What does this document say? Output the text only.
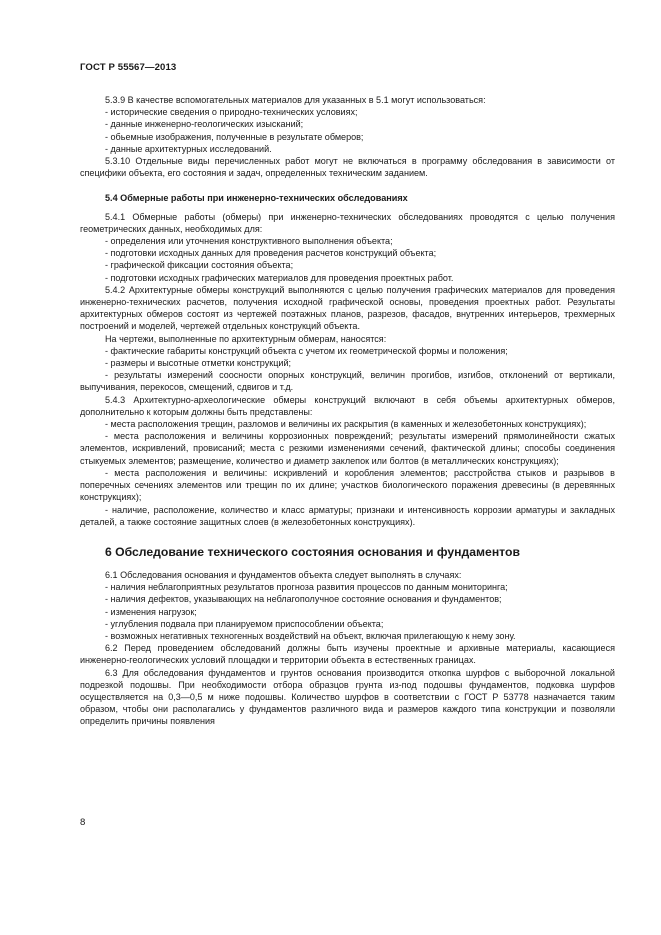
ГОСТ Р 55567—2013

5.3.9 В качестве вспомогательных материалов для указанных в 5.1 могут использоваться:

- исторические сведения о природно-технических условиях;

- данные инженерно-геологических изысканий;

- обьемные изображения, полученные в результате обмеров;

- данные архитектурных исследований.

5.3.10 Отдельные виды перечисленных работ могут не включаться в программу обследования в зависимости от специфики объекта, его состояния и задач, определенных техническим заданием.

5.4 Обмерные работы при инженерно-технических обследованиях

5.4.1 Обмерные работы (обмеры) при инженерно-технических обследованиях проводятся с целью получения геометрических данных, необходимых для:

- определения или уточнения конструктивного выполнения объекта;

- подготовки исходных данных для проведения расчетов конструкций объекта;

- графической фиксации состояния объекта;

- подготовки исходных графических материалов для проведения проектных работ.

5.4.2 Архитектурные обмеры конструкций выполняются с целью получения графических материалов для проведения инженерно-технических расчетов, получения исходной графической основы, проведения проектных работ. Результаты архитектурных обмеров состоят из чертежей поэтажных планов, разрезов, фасадов, внутренних интерьеров, трехмерных построений и моделей, чертежей отдельных конструкций объекта.

На чертежи, выполненные по архитектурным обмерам, наносятся:

- фактические габариты конструкций объекта с учетом их геометрической формы и положения;

- размеры и высотные отметки конструкций;

- результаты измерений соосности опорных конструкций, величин прогибов, изгибов, отклонений от вертикали, выпучивания, перекосов, смещений, сдвигов и т.д.

5.4.3 Архитектурно-археологические обмеры конструкций включают в себя объемы архитектурных обмеров, дополнительно к которым должны быть представлены:

- места расположения трещин, разломов и величины их раскрытия (в каменных и железобетонных конструкциях);

- места расположения и величины коррозионных повреждений; результаты измерений прямолинейности сжатых элементов, искривлений, провисаний; места с резкими изменениями сечений, фактической длины; способы соединения стыкуемых элементов; размещение, количество и диаметр заклепок или болтов (в металлических конструкциях);

- места расположения и величины: искривлений и коробления элементов; расстройства стыков и разрывов в поперечных сечениях элементов или трещин по их длине; участков биологического поражения древесины (в деревянных конструкциях);

- наличие, расположение, количество и класс арматуры; признаки и интенсивность коррозии арматуры и закладных деталей, а также состояние защитных слоев (в железобетонных конструкциях).

6 Обследование технического состояния основания и фундаментов

6.1 Обследования основания и фундаментов объекта следует выполнять в случаях:

- наличия неблагоприятных результатов прогноза развития процессов по данным мониторинга;

- наличия дефектов, указывающих на неблагополучное состояние основания и фундаментов;

- изменения нагрузок;

- углубления подвала при планируемом приспособлении объекта;

- возможных негативных техногенных воздействий на объект, включая прилегающую к нему зону.

6.2 Перед проведением обследований должны быть изучены проектные и архивные материалы, касающиеся инженерно-геологических условий площадки и территории объекта в естественных границах.

6.3 Для обследования фундаментов и грунтов основания производится откопка шурфов с выборочной локальной подрезкой подошвы. При необходимости отбора образцов грунта из-под подошвы фундаментов, подковка шурфов осуществляется на 0,3—0,5 м ниже подошвы. Количество шурфов в соответствии с ГОСТ Р 53778 назначается таким образом, чтобы они располагались у фундаментов различного вида и размеров каждого типа конструкции и позволяли определить причины появления

8
